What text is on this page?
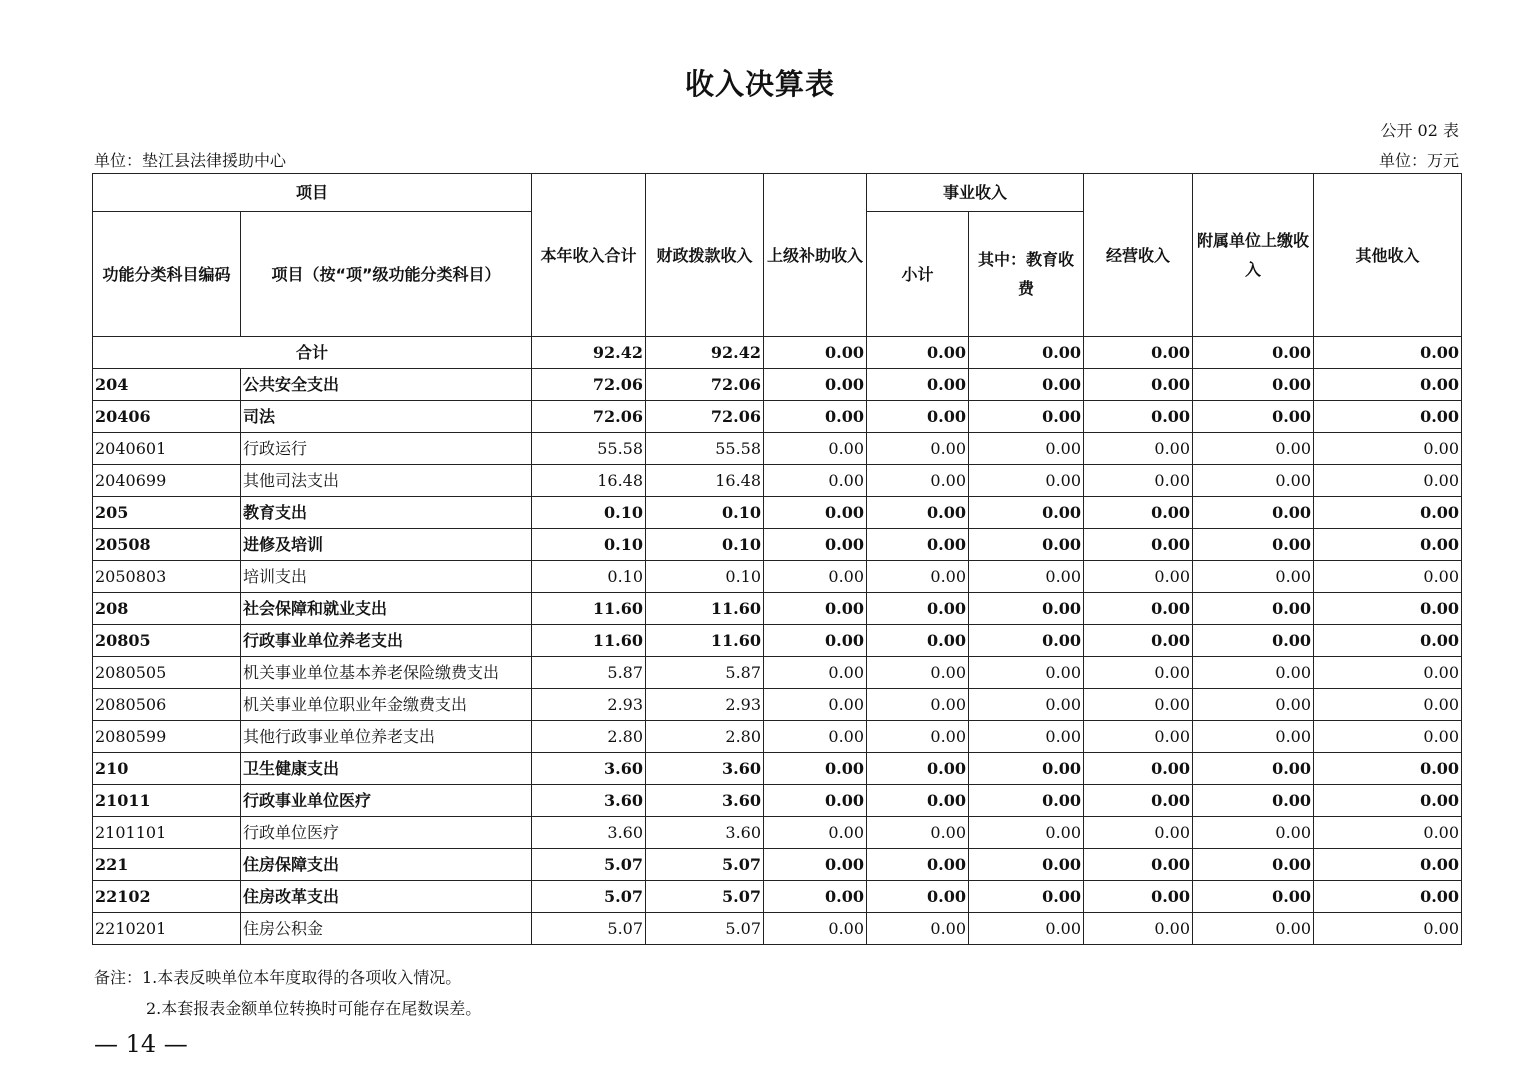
收入决算表
公开 02 表
单位：垫江县法律援助中心	单位：万元
项目		本年收入合计	财政拨款收入	上级补助收入	事业收入		经营收入	附属单位上缴收入	其他收入
功能分类科目编码	项目（按“项”级功能分类科目）				小计	其中：教育收费			
合计		92.42	92.42	0.00	0.00	0.00	0.00	0.00	0.00
204	公共安全支出	72.06	72.06	0.00	0.00	0.00	0.00	0.00	0.00
20406	司法	72.06	72.06	0.00	0.00	0.00	0.00	0.00	0.00
2040601	行政运行	55.58	55.58	0.00	0.00	0.00	0.00	0.00	0.00
2040699	其他司法支出	16.48	16.48	0.00	0.00	0.00	0.00	0.00	0.00
205	教育支出	0.10	0.10	0.00	0.00	0.00	0.00	0.00	0.00
20508	进修及培训	0.10	0.10	0.00	0.00	0.00	0.00	0.00	0.00
2050803	培训支出	0.10	0.10	0.00	0.00	0.00	0.00	0.00	0.00
208	社会保障和就业支出	11.60	11.60	0.00	0.00	0.00	0.00	0.00	0.00
20805	行政事业单位养老支出	11.60	11.60	0.00	0.00	0.00	0.00	0.00	0.00
2080505	机关事业单位基本养老保险缴费支出	5.87	5.87	0.00	0.00	0.00	0.00	0.00	0.00
2080506	机关事业单位职业年金缴费支出	2.93	2.93	0.00	0.00	0.00	0.00	0.00	0.00
2080599	其他行政事业单位养老支出	2.80	2.80	0.00	0.00	0.00	0.00	0.00	0.00
210	卫生健康支出	3.60	3.60	0.00	0.00	0.00	0.00	0.00	0.00
21011	行政事业单位医疗	3.60	3.60	0.00	0.00	0.00	0.00	0.00	0.00
2101101	行政单位医疗	3.60	3.60	0.00	0.00	0.00	0.00	0.00	0.00
221	住房保障支出	5.07	5.07	0.00	0.00	0.00	0.00	0.00	0.00
22102	住房改革支出	5.07	5.07	0.00	0.00	0.00	0.00	0.00	0.00
2210201	住房公积金	5.07	5.07	0.00	0.00	0.00	0.00	0.00	0.00
备注：1.本表反映单位本年度取得的各项收入情况。
2.本套报表金额单位转换时可能存在尾数误差。
— 14 —
